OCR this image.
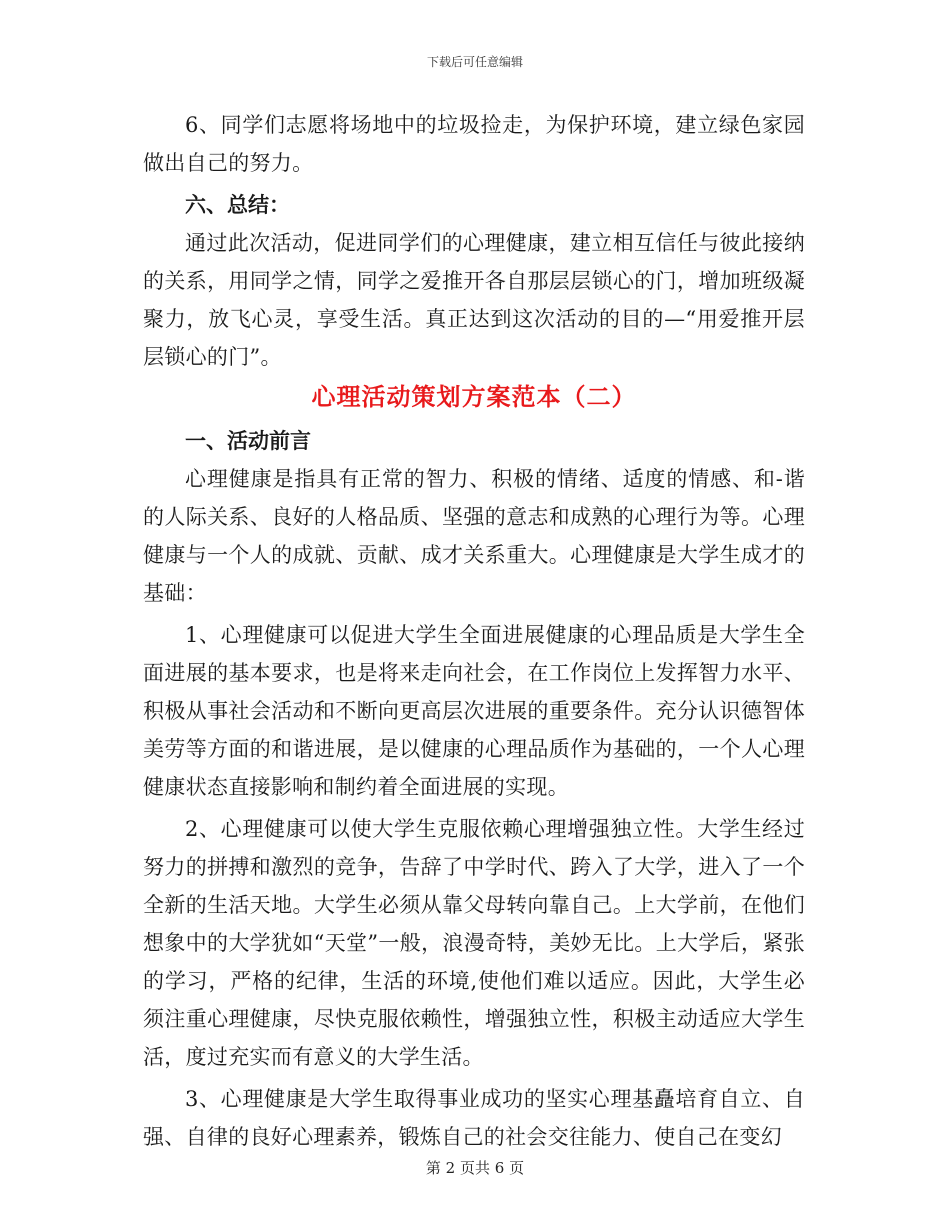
下载后可任意编辑

6、同学们志愿将场地中的垃圾捡走，为保护环境，建立绿色家园做出自己的努力。

六、总结：

通过此次活动，促进同学们的心理健康，建立相互信任与彼此接纳的关系，用同学之情，同学之爱推开各自那层层锁心的门，增加班级凝聚力，放飞心灵，享受生活。真正达到这次活动的目的—“用爱推开层层锁心的门”。

心理活动策划方案范本（二）

一、活动前言

心理健康是指具有正常的智力、积极的情绪、适度的情感、和-谐的人际关系、良好的人格品质、坚强的意志和成熟的心理行为等。心理健康与一个人的成就、贡献、成才关系重大。心理健康是大学生成才的基础：

1、心理健康可以促进大学生全面进展健康的心理品质是大学生全面进展的基本要求，也是将来走向社会，在工作岗位上发挥智力水平、积极从事社会活动和不断向更高层次进展的重要条件。充分认识德智体美劳等方面的和谐进展，是以健康的心理品质作为基础的，一个人心理健康状态直接影响和制约着全面进展的实现。

2、心理健康可以使大学生克服依赖心理增强独立性。大学生经过努力的拼搏和激烈的竞争，告辞了中学时代、跨入了大学，进入了一个全新的生活天地。大学生必须从靠父母转向靠自己。上大学前，在他们想象中的大学犹如“天堂”一般，浪漫奇特，美妙无比。上大学后，紧张的学习，严格的纪律，生活的环境,使他们难以适应。因此，大学生必须注重心理健康，尽快克服依赖性，增强独立性，积极主动适应大学生活，度过充实而有意义的大学生活。

3、心理健康是大学生取得事业成功的坚实心理基矗培育自立、自强、自律的良好心理素养，锻炼自己的社会交往能力、使自己在变幻

第 2 页共 6 页
